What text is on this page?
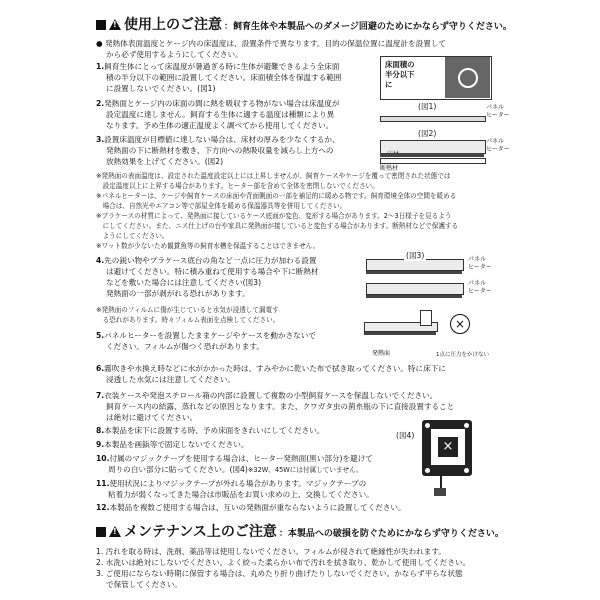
!使用上のご注意 ：飼育生体や本製品へのダメージ回避のためにかならず守りください。
● 発熱体表面温度とケージ内の床温度は、設置条件で異なります。目的の保温位置に温度計を設置して
　 から必ず使用するようにしてください。
1.飼育生体にとって床温度が暑過ぎる時に生体が避難できるよう全床面
積の半分以下の範囲に設置してください。床面積全体を保温する範囲
に設置しないでください。(図1)
床面積の
半分以下
に
(図1)	パネル
ヒーター
2.発熱面とケージ内の床面の間に熱を吸収する物がない場合は床温度が
設定温度に達しません。飼育する生体に適する温度は種類により異
なります。予め生体の適正温度よく調べてから使用してください。
(図2)
断熱材
パネル
ヒーター
3.設置床温度が目標値に達しない場合は、床材の厚みを少なくするか、
発熱面の下に断熱材を敷き、下方向への熱吸収量を減らし上方への
放熱効果を上げてください。(図2)
※発熱面の表面温度は、設定された温度設定以上には上昇しませんが、飼育ケースやケージを覆って密閉された状態では
　設定温度以上に上昇する場合があります。ヒーター部を含めて全体を密閉しないでください。
※パネルヒーターは、ケージや飼育ケースの床面や背面側面の一部を補足的に暖める物です。飼育環境全体の空間を暖める
　場合は、自然光やエアコン等で部屋全体を暖める保温器具等を併用してください。
※プラケースの材質によって、発熱面に接しているケース底面が変色、変形する場合があります。2～3日様子を見るよう
　にしてください。また、ニス仕上げの台や家具に発熱面が接していると変色する場合があります。断熱材などで保護する
　ようにしてください。
※ワット数が少ないため観賞魚等の飼育水槽を保温することはできません。
4.先の鋭い物やプラケース底台の角など一点に圧力が加わる設置
は避けてください。特に積み重ねて使用する場合や下に断熱材
などを敷いた場合には注意してください(図3)
発熱面の一部が剥がれる恐れがあります。
(図3)	パネル
ヒーター
パネル
ヒーター
×
発熱面	1点に圧力をかけない
※発熱面のフィルムに傷が生じていると水気が浸透して漏電す
　る恐れがあります。時々フィルム表面を点検してください。
5.パネルヒーターを設置したままケージやケースを動かさないで
ください。フィルムが傷つく恐れがあります。
6.霧吹きや水換え時などに水がかかった時は、すみやかに乾いた布で拭き取ってください。特に床下に
浸透した水気には注意してください。
7.衣装ケースや発泡スチロール箱の内部に設置して複数の小型飼育ケースを保温しないでください。
飼育ケース内の結露、蒸れなどの原因となります。また、クワガタ虫の菌糸瓶の下に直接設置すること
は絶対に避けてください。
8.本製品を床下に設置する時、予め床面をきれいにしてください。
9.本製品を画鋲等で固定しないでください。
10.付属のマジックテープを使用する場合は、ヒーター発熱面(黒い部分)を避けて
周りの白い部分に貼ってください。(図4)※32W、45Wには付属していません。
(図4)
×
11.使用状況によりマジックテープが外れる場合があります。マジックテープの
粘着力が弱くなってきた場合は市販品をお買い求めの上、交換してください。
12.本製品を複数ご使用する場合は、互いの発熱面が重ならないように設置してください。
!メンテナンス上のご注意 ：本製品への破損を防ぐためにかならず守りください。
1. 汚れを取る時は、洗剤、薬品等は使用しないでください。フィルムが侵されて絶縁性が失われます。
2. 水洗いは絶対にしないでください。よく絞った柔らかい布で汚れを拭き取り、乾かして使用してください。
3. ご使用にならない時期に保管する場合は、丸めたり折り曲げたりしないでください。かならず平らな状態
　 で保管してください。
